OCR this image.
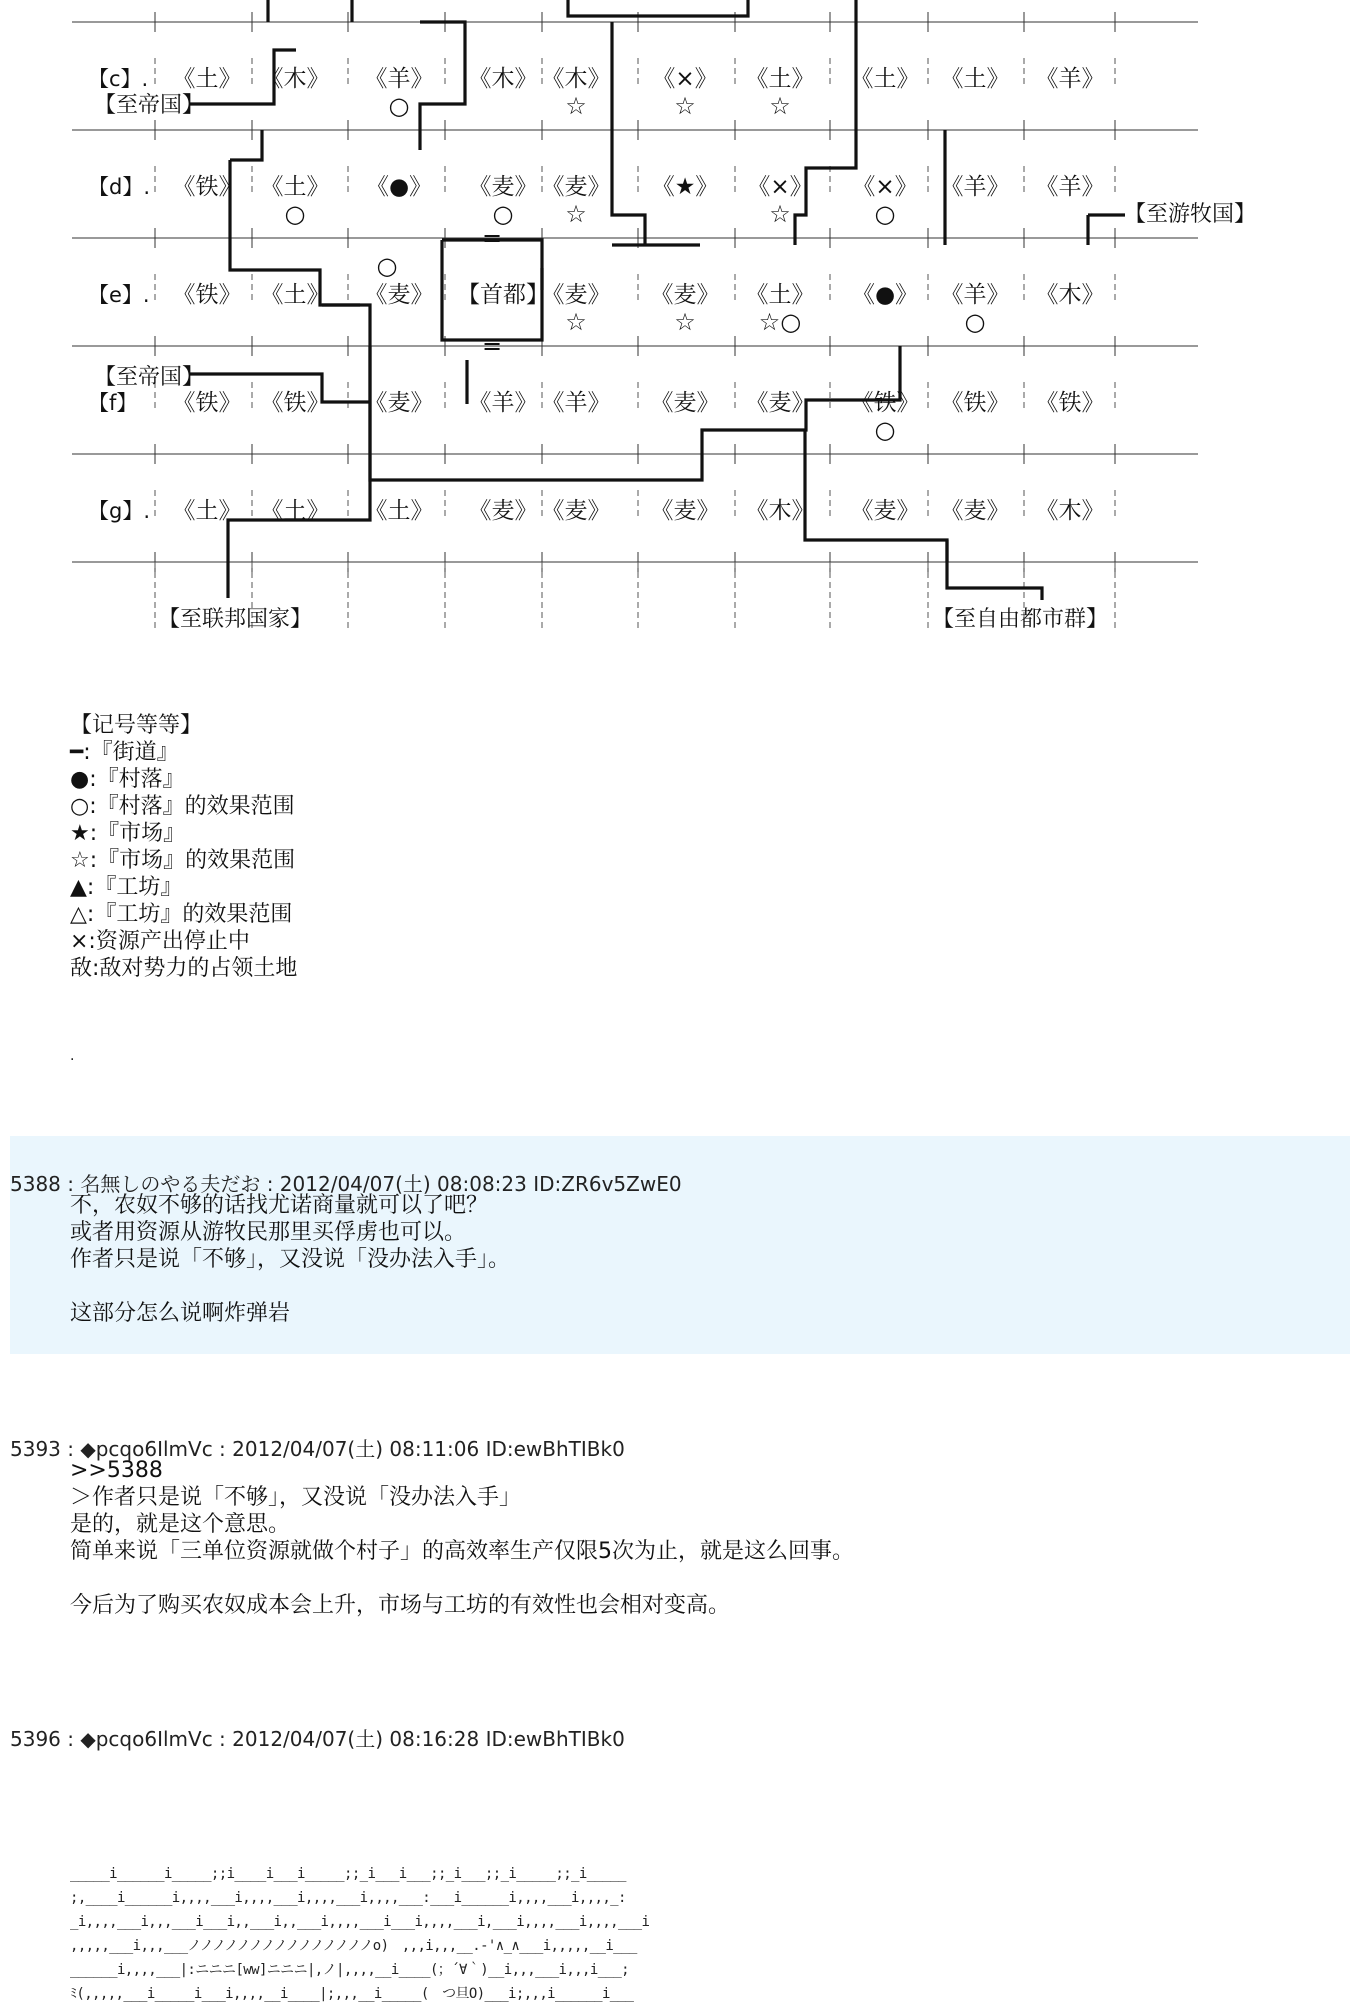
【c】. 《土》 《木》 《羊》
○
《木》 《木》
☆
《×》
☆
《土》
☆
《土》 《土》 《羊》
【d】. 《铁》 《土》
○
《●》 《麦》
○
《麦》
☆
《★》 《×》
☆
《×》
○
《羊》 《羊》
【e】. 《铁》 《土》 《麦》 【首都】
《麦》
☆
《麦》
☆
《土》
☆○
《●》 《羊》
○
《木》
【f】 《铁》 《铁》 《麦》 《羊》 《羊》 《麦》 《麦》 《铁》
○
《铁》 《铁》
【g】. 《土》 《土》 《土》 《麦》 《麦》 《麦》 《木》 《麦》 《麦》 《木》
○
=
=
【至帝国】
【至帝国】
【至游牧国】
【至联邦国家】	【至自由都市群】
【记号等等】
━:『街道』
●:『村落』
○:『村落』的效果范围
★:『市场』
☆:『市场』的效果范围
▲:『工坊』
△:『工坊』的效果范围
×:资源产出停止中
敌:敌对势力的占领土地
.
5388 : 名無しのやる夫だお : 2012/04/07(土) 08:08:23 ID:ZR6v5ZwE0
不，农奴不够的话找尤诺商量就可以了吧？
或者用资源从游牧民那里买俘虏也可以。
作者只是说「不够」，又没说「没办法入手」。
这部分怎么说啊炸弹岩
5393 : ◆pcqo6IlmVc : 2012/04/07(土) 08:11:06 ID:ewBhTIBk0
>>5388
＞作者只是说「不够」，又没说「没办法入手」
是的，就是这个意思。
简单来说「三单位资源就做个村子」的高效率生产仅限5次为止，就是这么回事。
今后为了购买农奴成本会上升，市场与工坊的有效性也会相对变高。
5396 : ◆pcqo6IlmVc : 2012/04/07(土) 08:16:28 ID:ewBhTIBk0
_____i______i_____;;i____i___i_____;;_i___i___;;_i___;;_i_____;;_i_____
;,____i______i,,,,___i,,,,___i,,,,___i,,,,___:___i______i,,,,___i,,,,_:
_i,,,,___i,,,___i___i,,___i,,___i,,,,___i___i,,,,___i,___i,,,,___i,,,,___i
,,,,,___i,,,___ノノノノノノノノノノノノノノノo)　,,,i,,,__.‐'∧_∧___i,,,,,__i___
______i,,,,___|:ニニニ[ww]ニニニ|,ノ|,,,,__i____(；´∀｀)__i,,,___i,,,i___;
ﾐ(,,,,,___i_____i___i,,,,__i____|;,,,__i_____(　つ旦O)___i;,,,i______i___
